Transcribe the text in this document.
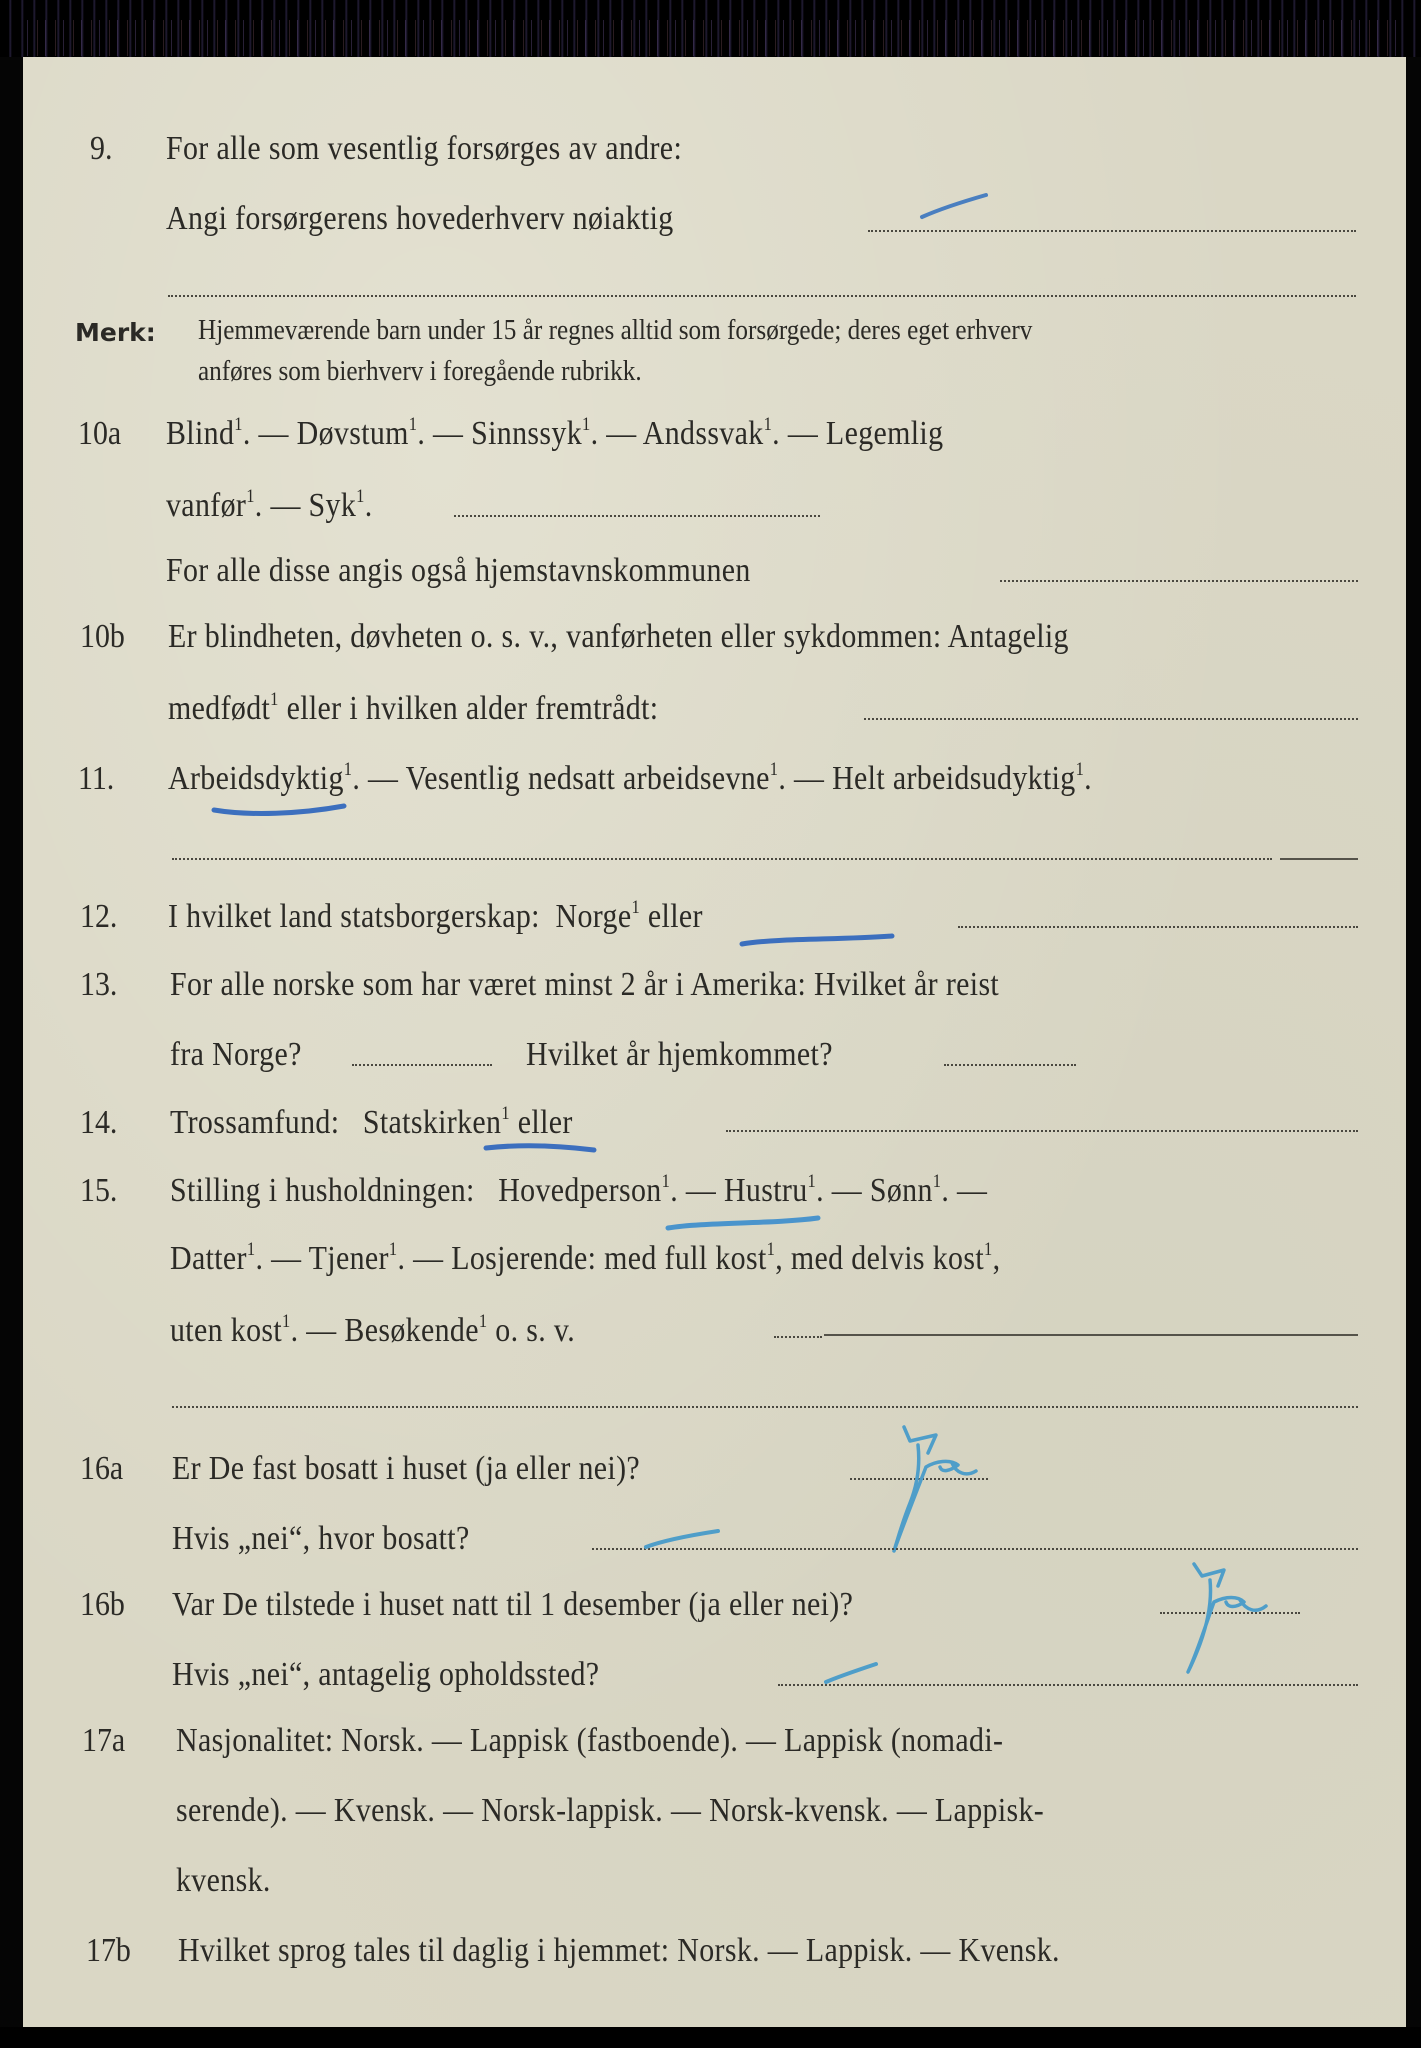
9. For alle som vesentlig forsørges av andre:
Angi forsørgerens hovederhverv nøiaktig
Merk: Hjemmeværende barn under 15 år regnes alltid som forsørgede; deres eget erhverv
anføres som bierhverv i foregående rubrikk.
10a Blind$^1$. — Døvstum$^1$. — Sinnssyk$^1$. — Andssvak$^1$. — Legemlig
vanfør$^1$. — Syk$^1$.
For alle disse angis også hjemstavnskommunen
10b Er blindheten, døvheten o. s. v., vanførheten eller sykdommen: Antagelig
medfødt$^1$ eller i hvilken alder fremtrådt:
11. Arbeidsdyktig$^1$. — Vesentlig nedsatt arbeidsevne$^1$. — Helt arbeidsudyktig$^1$.
12. I hvilket land statsborgerskap: Norge$^1$ eller
13. For alle norske som har været minst 2 år i Amerika: Hvilket år reist
fra Norge?	Hvilket år hjemkommet?
14. Trossamfund: Statskirken$^1$ eller
15. Stilling i husholdningen: Hovedperson$^1$. — Hustru$^1$. — Sønn$^1$. —
Datter$^1$. — Tjener$^1$. — Losjerende: med full kost$^1$, med delvis kost$^1$,
uten kost$^1$. — Besøkende$^1$ o. s. v.
16a Er De fast bosatt i huset (ja eller nei)?
Hvis „nei“, hvor bosatt?
16b Var De tilstede i huset natt til 1 desember (ja eller nei)?
Hvis „nei“, antagelig opholdssted?
17a Nasjonalitet: Norsk. — Lappisk (fastboende). — Lappisk (nomadi-
serende). — Kvensk. — Norsk-lappisk. — Norsk-kvensk. — Lappisk-
kvensk.
17b Hvilket sprog tales til daglig i hjemmet: Norsk. — Lappisk. — Kvensk.
